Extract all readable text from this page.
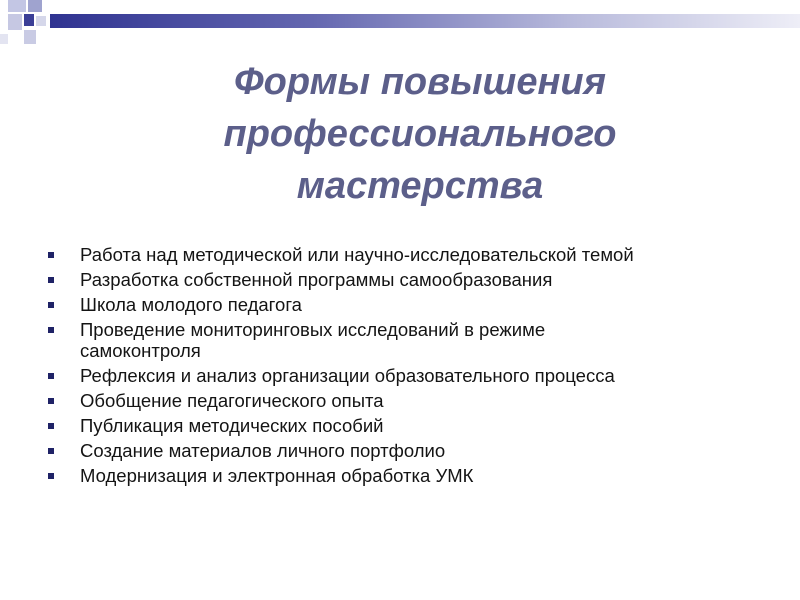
Формы повышения
профессионального
мастерства
Работа над методической или научно-исследовательской темой
Разработка собственной программы самообразования
Школа молодого педагога
Проведение мониторинговых исследований в режиме самоконтроля
Рефлексия и анализ организации образовательного процесса
Обобщение педагогического опыта
Публикация методических пособий
Создание материалов личного портфолио
Модернизация и электронная обработка УМК
